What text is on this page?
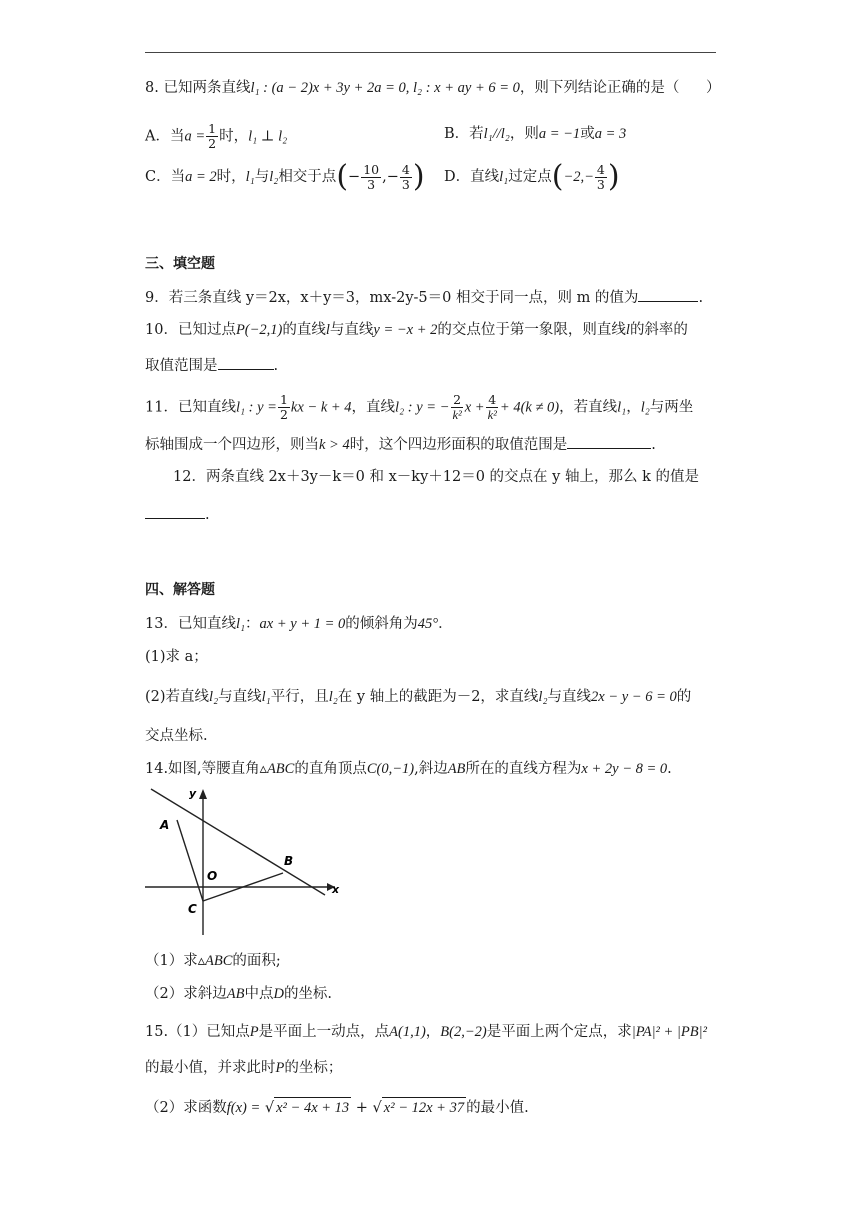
8. 已知两条直线l₁ : (a − 2)x + 3y + 2a = 0, l₂ : x + ay + 6 = 0，则下列结论正确的是（ ）
A．当$a = \frac{1}{2}$ 时，l₁ ⊥ l₂	B．若l₁//l₂，则a = −1或a = 3
C．当a = 2时，l₁与l₂相交于点(− $\frac{10}{3}$ ,− $\frac{4}{3}$ ) D．直线l₁过定点($-2,- \frac{4}{3}$ )
三、填空题
9．若三条直线 y＝2x，x＋y＝3，mx-2y-5＝0 相交于同一点，则 m 的值为	.
10．已知过点P(−2,1)的直线l与直线y = −x + 2的交点位于第一象限，则直线l的斜率的
取值范围是	.
11．已知直线l₁ : $y = \frac{1}{2}$ kx − k + 4，直线l₂ : y = − $\frac{2}{\text{k²}}$ $x + \frac{4}{\text{k²}} + 4(k \ne 0)$，若直线l₁，l₂与两坐
标轴围成一个四边形，则当k > 4时，这个四边形面积的取值范围是	.
12．两条直线 2x＋3y－k＝0 和 x－ky＋12＝0 的交点在 y 轴上，那么 k 的值是
.
四、解答题
13．已知直线l₁：ax + y + 1 = 0的倾斜角为45°．
(1)求 a；
(2)若直线l₂与直线l₁平行，且l₂在 y 轴上的截距为－2，求直线l₂与直线2x − y − 6 = 0的
交点坐标.
14.如图,等腰直角▵ABC的直角顶点C(0,−1),斜边AB所在的直线方程为x + 2y − 8 = 0.
A
B
C
O
x
y
（1）求▵ABC的面积;
（2）求斜边AB中点D的坐标.
15.（1）已知点P是平面上一动点，点A(1,1)，B(2,−2)是平面上两个定点，求|PA|² + |PB|²
的最小值，并求此时P的坐标；
（2）求函数f(x) = √ x² − 4x + 13 + √ x² − 12x + 37 的最小值.
